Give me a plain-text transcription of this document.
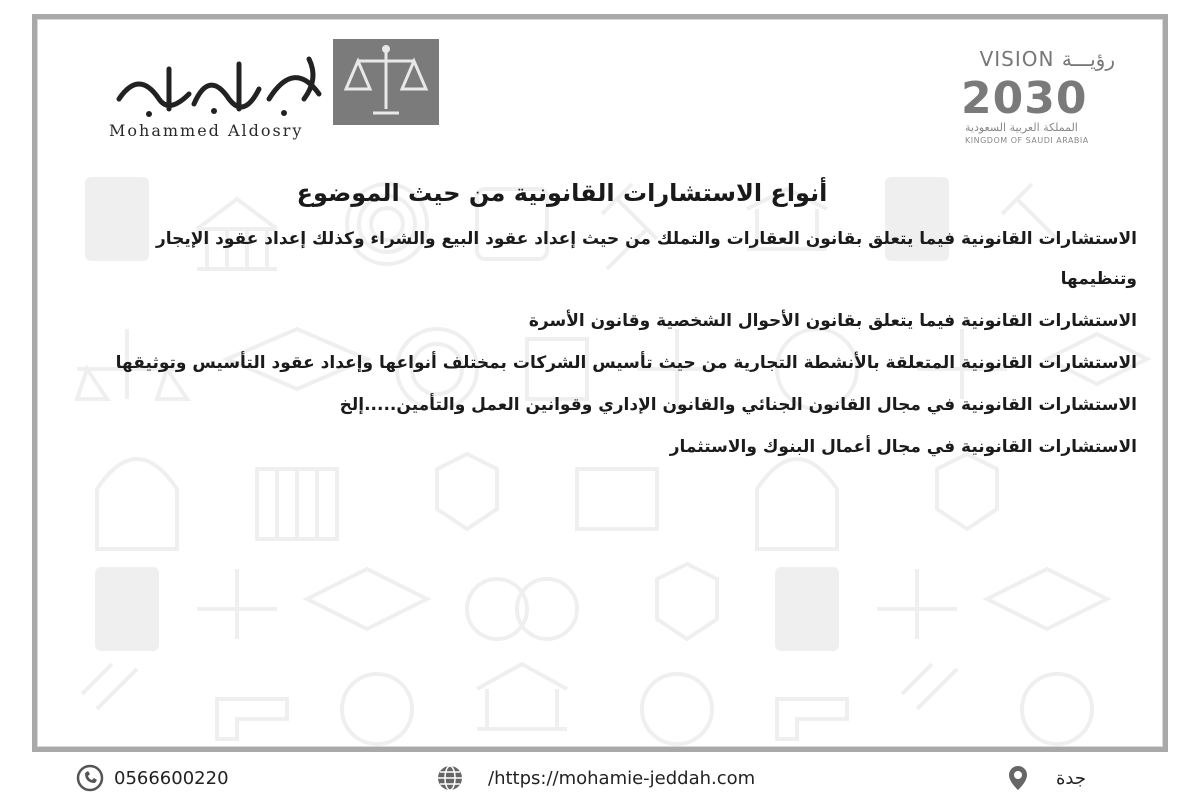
Mohammed Aldosry
VISION رؤيـــة
2030
المملكة العربية السعودية
KINGDOM OF SAUDI ARABIA
أنواع الاستشارات القانونية من حيث الموضوع
الاستشارات القانونية فيما يتعلق بقانون العقارات والتملك من حيث إعداد عقود البيع والشراء وكذلك إعداد عقود الإيجار وتنظيمها
الاستشارات القانونية فيما يتعلق بقانون الأحوال الشخصية وقانون الأسرة
الاستشارات القانونية المتعلقة بالأنشطة التجارية من حيث تأسيس الشركات بمختلف أنواعها وإعداد عقود التأسيس وتوثيقها
الاستشارات القانونية في مجال القانون الجنائي والقانون الإداري وقوانين العمل والتأمين.....إلخ
الاستشارات القانونية في مجال أعمال البنوك والاستثمار
0566600220	/https://mohamie-jeddah.com	جدة
